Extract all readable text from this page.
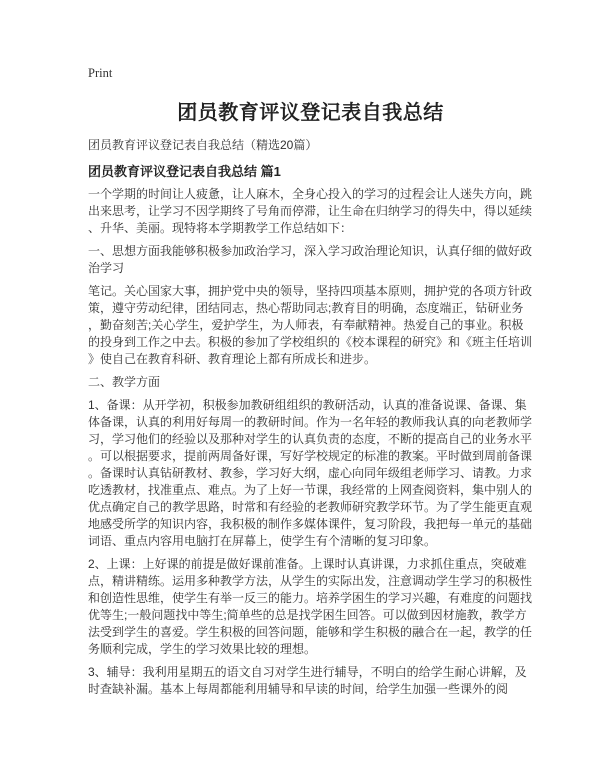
Print
团员教育评议登记表自我总结
团员教育评议登记表自我总结（精选20篇）
团员教育评议登记表自我总结 篇1

一个学期的时间让人疲惫，让人麻木，全身心投入的学习的过程会让人迷失方向，跳出来思考，让学习不因学期终了号角而停滞，让生命在归纳学习的得失中，得以延续、升华、美丽。现特将本学期教学工作总结如下：

一、思想方面我能够积极参加政治学习，深入学习政治理论知识，认真仔细的做好政治学习

笔记。关心国家大事，拥护党中央的领导，坚持四项基本原则，拥护党的各项方针政策，遵守劳动纪律，团结同志，热心帮助同志;教育目的明确，态度端正，钻研业务，勤奋刻苦;关心学生，爱护学生，为人师表，有奉献精神。热爱自己的事业。积极的投身到工作之中去。积极的参加了学校组织的《校本课程的研究》和《班主任培训》使自己在教育科研、教育理论上都有所成长和进步。

二、教学方面

1、备课：从开学初，积极参加教研组组织的教研活动，认真的准备说课、备课、集体备课，认真的利用好每周一的教研时间。作为一名年轻的教师我认真的向老教师学习，学习他们的经验以及那种对学生的认真负责的态度，不断的提高自己的业务水平。可以根据要求，提前两周备好课，写好学校规定的标准的教案。平时做到周前备课。备课时认真钻研教材、教参，学习好大纲，虚心向同年级组老师学习、请教。力求吃透教材，找准重点、难点。为了上好一节课，我经常的上网查阅资料，集中别人的优点确定自己的教学思路，时常和有经验的老教师研究教学环节。为了学生能更直观地感受所学的知识内容，我积极的制作多媒体课件，复习阶段，我把每一单元的基础词语、重点内容用电脑打在屏幕上，使学生有个清晰的复习印象。

2、上课：上好课的前提是做好课前准备。上课时认真讲课，力求抓住重点，突破难点，精讲精练。运用多种教学方法，从学生的实际出发，注意调动学生学习的积极性和创造性思维，使学生有举一反三的能力。培养学困生的学习兴趣，有难度的问题找优等生;一般问题找中等生;简单些的总是找学困生回答。可以做到因材施教，教学方法受到学生的喜爱。学生积极的回答问题，能够和学生积极的融合在一起，教学的任务顺利完成，学生的学习效果比较的理想。

3、辅导：我利用星期五的语文自习对学生进行辅导，不明白的给学生耐心讲解，及时查缺补漏。基本上每周都能利用辅导和早读的时间，给学生加强一些课外的阅
